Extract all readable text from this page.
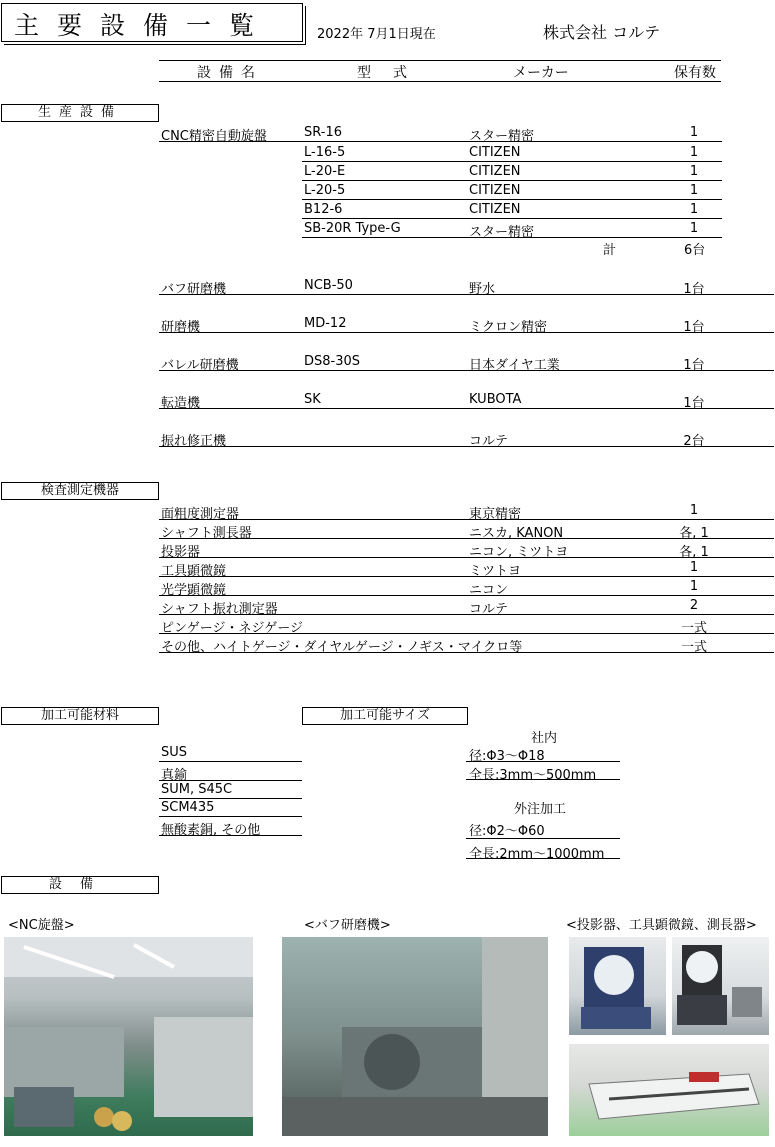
主要設備一覧	2022年 7月1日現在	株式会社 コルテ
設備名	型式	メーカー	保有数
生産設備
CNC精密自動旋盤	SR-16	スター精密	1
L-16-5	CITIZEN	1
L-20-E	CITIZEN	1
L-20-5	CITIZEN	1
B12-6	CITIZEN	1
SB-20R Type-G	スター精密	1
計	6台
バフ研磨機	NCB-50	野水	1台
研磨機	MD-12	ミクロン精密	1台
バレル研磨機	DS8-30S	日本ダイヤ工業	1台
転造機	SK	KUBOTA	1台
振れ修正機	コルテ	2台
検査測定機器
面粗度測定器	東京精密	1
シャフト測長器	ニスカ, KANON	各, 1
投影器	ニコン, ミツトヨ	各, 1
工具顕微鏡	ミツトヨ	1
光学顕微鏡	ニコン	1
シャフト振れ測定器	コルテ	2
ピンゲージ・ネジゲージ	一式
その他、ハイトゲージ・ダイヤルゲージ・ノギス・マイクロ等	一式
加工可能材料	加工可能サイズ
SUS
真鍮
SUM, S45C
SCM435
無酸素銅, その他
社内
径:Φ3～Φ18
全長:3mm～500mm
外注加工
径:Φ2～Φ60
全長:2mm～1000mm
設備
<NC旋盤>	<バフ研磨機>	<投影器、工具顕微鏡、測長器>
